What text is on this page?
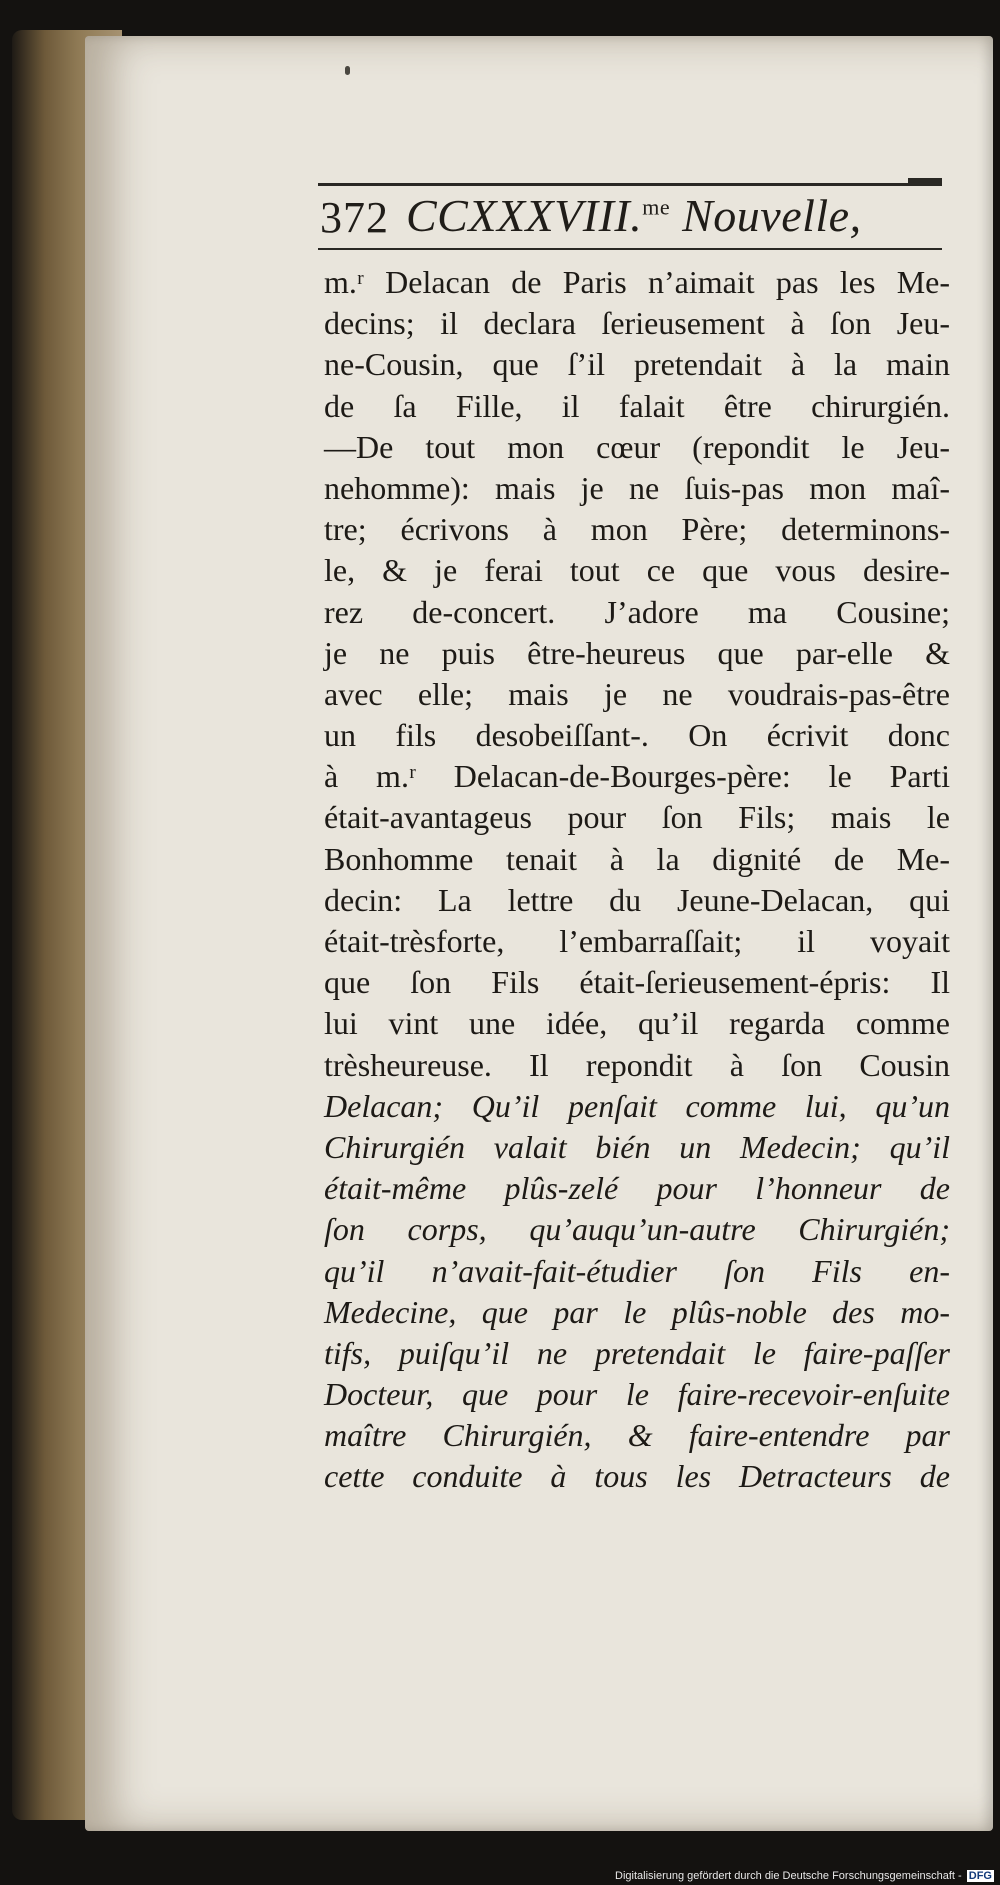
372 CCXXXVIII.$^{me}$ Nouvelle,
m.ʳ Delacan de Paris n’aimait pas les Me-
decins; il declara ſerieusement à ſon Jeu-
ne-Cousin, que ſ’il pretendait à la main
de ſa Fille, il falait être chirurgién.
—De tout mon cœur (repondit le Jeu-
nehomme): mais je ne ſuis-pas mon maî-
tre; écrivons à mon Père; determinons-
le, & je ferai tout ce que vous desire-
rez de-concert. J’adore ma Cousine;
je ne puis être-heureus que par-elle &
avec elle; mais je ne voudrais-pas-être
un fils desobeiſſant-. On écrivit donc
à m.ʳ Delacan-de-Bourges-père: le Parti
était-avantageus pour ſon Fils; mais le
Bonhomme tenait à la dignité de Me-
decin: La lettre du Jeune-Delacan, qui
était-trèsforte, l’embarraſſait; il voyait
que ſon Fils était-ſerieusement-épris: Il
lui vint une idée, qu’il regarda comme
trèsheureuse. Il repondit à ſon Cousin
Delacan; Qu’il penſait comme lui, qu’un
Chirurgién valait bién un Medecin; qu’il
était-même plûs-zelé pour l’honneur de
ſon corps, qu’auqu’un-autre Chirurgién;
qu’il n’avait-fait-étudier ſon Fils en-
Medecine, que par le plûs-noble des mo-
tifs, puiſqu’il ne pretendait le faire-paſſer
Docteur, que pour le faire-recevoir-enſuite
maître Chirurgién, & faire-entendre par
cette conduite à tous les Detracteurs de
Digitalisierung gefördert durch die Deutsche Forschungsgemeinschaft - DFG
